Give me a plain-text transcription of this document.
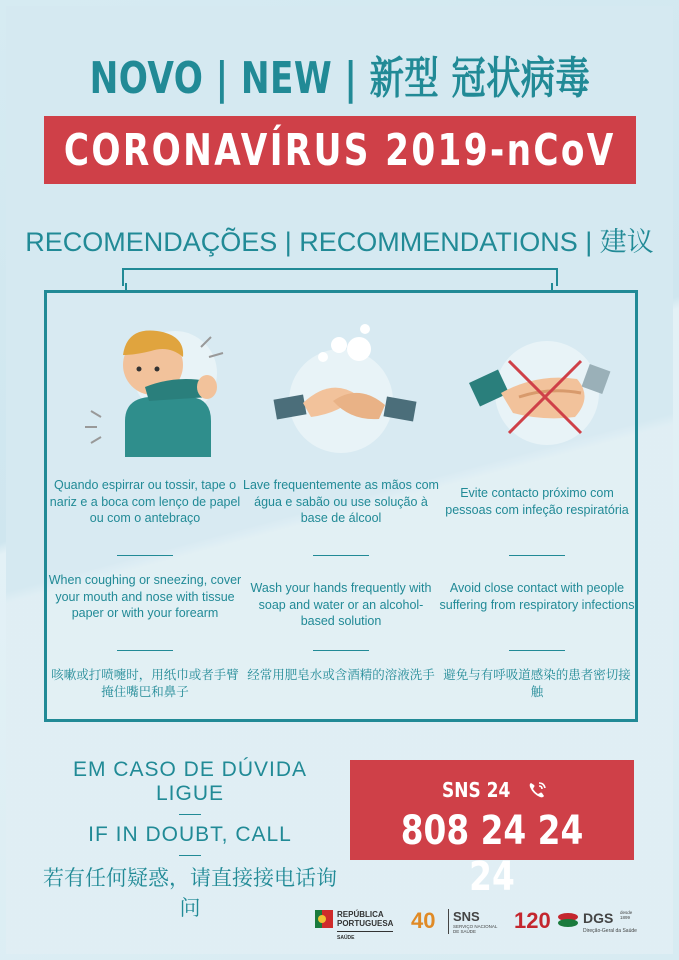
NOVO | NEW | 新型 冠状病毒
CORONAVÍRUS 2019-nCoV
RECOMENDAÇÕES | RECOMMENDATIONS | 建议
Quando espirrar ou tossir, tape o nariz e a boca com lenço de papel ou com o antebraço
When coughing or sneezing, cover your mouth and nose with tissue paper or with your forearm
咳嗽或打喷嚏时，用纸巾或者手臂掩住嘴巴和鼻子
Lave frequentemente as mãos com água e sabão ou use solução à base de álcool
Wash your hands frequently with soap and water or an alcohol-based solution
经常用肥皂水或含酒精的溶液洗手
Evite contacto próximo com pessoas com infeção respiratória
Avoid close contact with people suffering from respiratory infections
避免与有呼吸道感染的患者密切接触
EM CASO DE DÚVIDA LIGUE
IF IN DOUBT, CALL
若有任何疑惑，请直接接电话询问
SNS 24
808 24 24 24
REPÚBLICA
PORTUGUESA
SAÚDE
40 SNS
SERVIÇO NACIONAL DE SAÚDE	120 DGS desde 1899
Direção-Geral da Saúde
